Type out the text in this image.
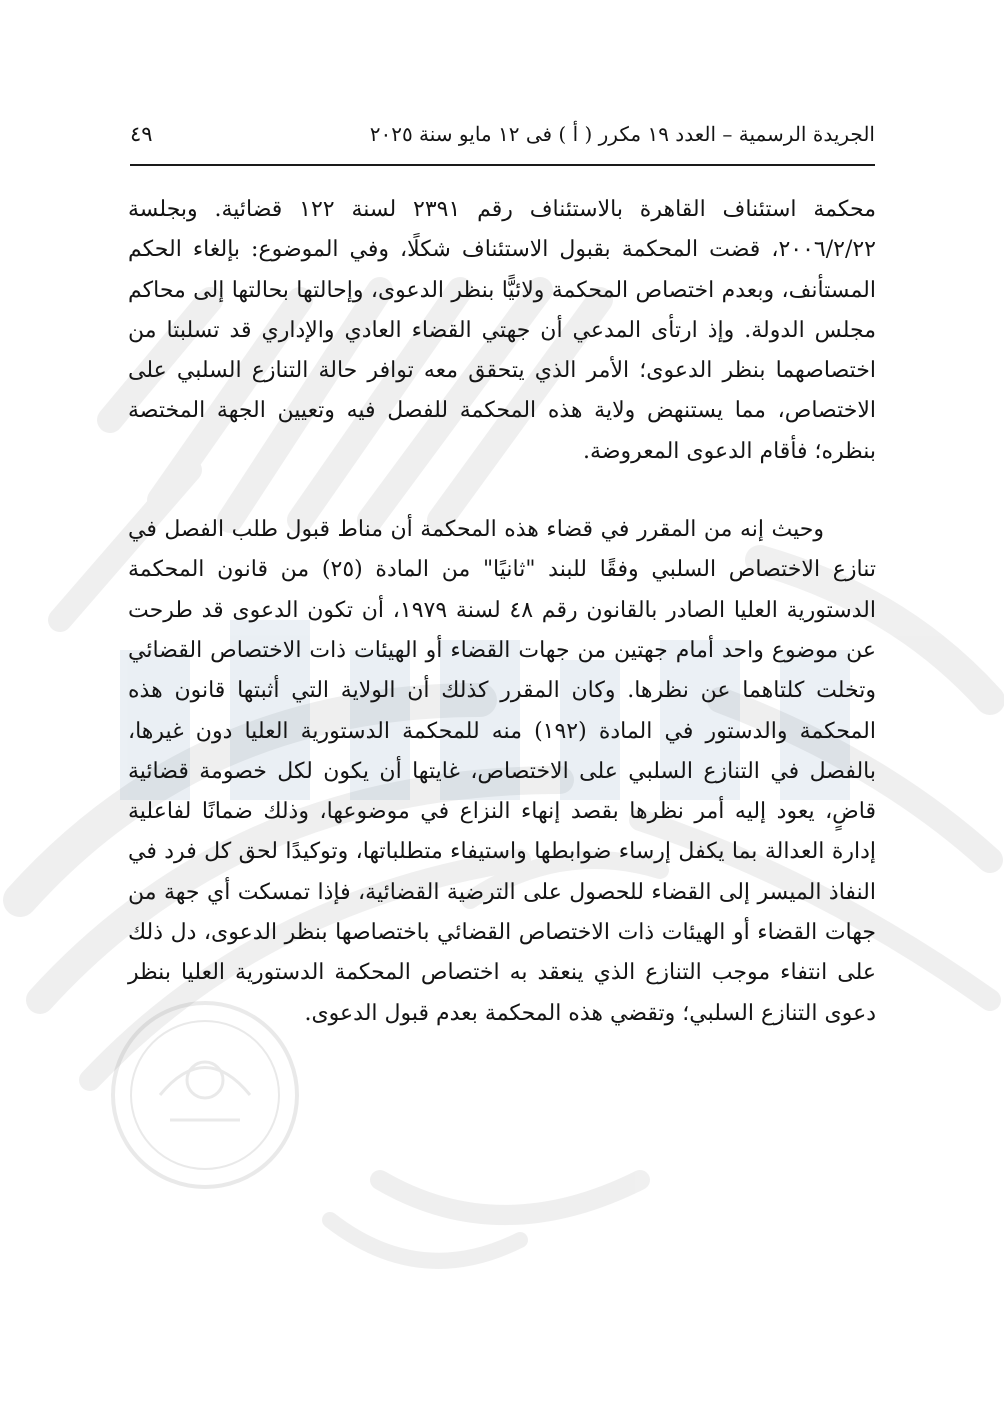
الجريدة الرسمية – العدد ١٩ مكرر ( أ ) فى ١٢ مايو سنة ٢٠٢٥
٤٩

محكمة استئناف القاهرة بالاستئناف رقم ٢٣٩١ لسنة ١٢٢ قضائية. وبجلسة ٢٠٠٦/٢/٢٢، قضت المحكمة بقبول الاستئناف شكلًا، وفي الموضوع: بإلغاء الحكم المستأنف، وبعدم اختصاص المحكمة ولائيًّا بنظر الدعوى، وإحالتها بحالتها إلى محاكم مجلس الدولة. وإذ ارتأى المدعي أن جهتي القضاء العادي والإداري قد تسلبتا من اختصاصهما بنظر الدعوى؛ الأمر الذي يتحقق معه توافر حالة التنازع السلبي على الاختصاص، مما يستنهض ولاية هذه المحكمة للفصل فيه وتعيين الجهة المختصة بنظره؛ فأقام الدعوى المعروضة.

وحيث إنه من المقرر في قضاء هذه المحكمة أن مناط قبول طلب الفصل في تنازع الاختصاص السلبي وفقًا للبند "ثانيًا" من المادة (٢٥) من قانون المحكمة الدستورية العليا الصادر بالقانون رقم ٤٨ لسنة ١٩٧٩، أن تكون الدعوى قد طرحت عن موضوع واحد أمام جهتين من جهات القضاء أو الهيئات ذات الاختصاص القضائي وتخلت كلتاهما عن نظرها. وكان المقرر كذلك أن الولاية التي أثبتها قانون هذه المحكمة والدستور في المادة (١٩٢) منه للمحكمة الدستورية العليا دون غيرها، بالفصل في التنازع السلبي على الاختصاص، غايتها أن يكون لكل خصومة قضائية قاضٍ، يعود إليه أمر نظرها بقصد إنهاء النزاع في موضوعها، وذلك ضمانًا لفاعلية إدارة العدالة بما يكفل إرساء ضوابطها واستيفاء متطلباتها، وتوكيدًا لحق كل فرد في النفاذ الميسر إلى القضاء للحصول على الترضية القضائية، فإذا تمسكت أي جهة من جهات القضاء أو الهيئات ذات الاختصاص القضائي باختصاصها بنظر الدعوى، دل ذلك على انتفاء موجب التنازع الذي ينعقد به اختصاص المحكمة الدستورية العليا بنظر دعوى التنازع السلبي؛ وتقضي هذه المحكمة بعدم قبول الدعوى.
